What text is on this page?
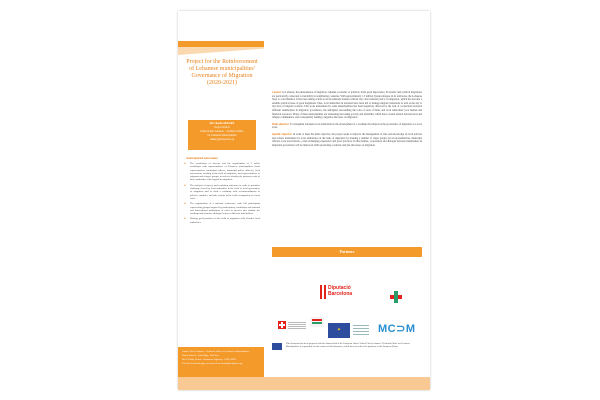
Project for the Reinforcement of Lebanese municipalities' Governance of Migration (2020-2021)
Mrs. Rasha AKKARY
Project Officer
United Cities Lebanon – Technical Office
for Lebanese Municipalities
rakkary@uclg-bteo.org
Anticipated outcomes:
► The conduction of surveys and the organization of 3 online workshops with representatives of Lebanese municipalities (local representatives, municipal officers, municipal police officers), local associations working in the field of migration, and representatives of migrants and refugee groups, in order to identify the primary needs of these authorities with regards to migration.
► The analysis of survey and workshop outcomes in order to prioritize challenges faced by local authorities in the field of local governance of migration and to draft a roadmap with recommendations to policies, modules, and take actions in the field of migration at a local scale.
► The organization of a national conference with 100 participants representing groups targeted by participatory workshops and national and international institutions in order to present and validate the roadmap and reinforce dialogue between different stakeholders.
► Sharing good practices in the field of migration with Comites local authorities.
United Cities Lebanon – Technical Office for Lebanese Municipalities
Tanios Saba St., Saba Bldg., 3rd Floor
Rue El Nahr, Beirut – Damascus highway – LEBANON
Visit our Facebook page or reach out to contact@uclg-bteo.org

Context: In Lebanon, the phenomenon of migration, whether economic or political, holds great importance. Economic and political migrations are particularly connected to instability in neighboring countries. With approximately 1.5 million Syrian refugees in its territories, the Lebanese State is overwhelmed. It has been taking action in an inconsistent manner without any clear national policy on migration, which has become a sensible political issue of great magnitude. Thus, local authorities in Lebanon have been left to manage migrant transitions as well as the day to day lives of migrant workers. This work undertaken by some municipalities has been negatively affected by the lack of cooperation between different stakeholders in migration governance, the ambiguity surrounding the roles of each of them, and local authorities' poor human and financial resources. Many of these municipalities are witnessing increasing poverty and instability which have created tension between host and refugee communities, and consequently feeding a negative discourse on migration.

Main objective: To strengthen Lebanese local authorities in the development of a roadmap that improves the governance of migration at a local scale.

Specific objective: In order to meet the main objective, the project seeks to improve the management of data and knowledge on local policies and actions undertaken by local authorities on the issue of migration by meeting a number of target groups (local representatives, municipal officers, local associations...) and exchanging experience and good practices. In this manner, cooperation and dialogue between stakeholders in migration governance will be improved while promoting a realistic and just discourse on migration.

Partners
Diputació
Barcelona
✦	MC⊃M
This document has been prepared with the financial aid of the European Union. United Cities Lebanon / Technical Office for Lebanese Municipalities is responsible for the content of this document, which does not reflect the positions of the European Union.
